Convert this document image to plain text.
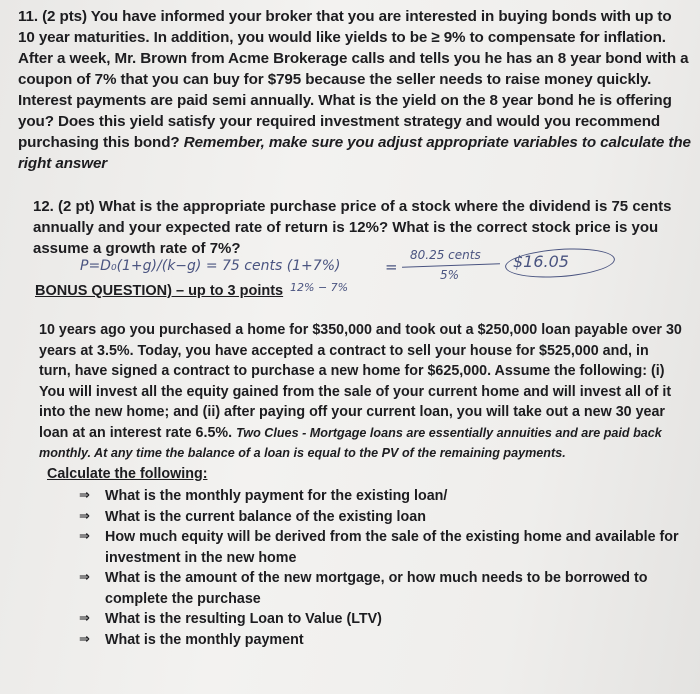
11. (2 pts) You have informed your broker that you are interested in buying bonds with up to
10 year maturities. In addition, you would like yields to be ≥ 9% to compensate for inflation.
After a week, Mr. Brown from Acme Brokerage calls and tells you he has an 8 year bond with a
coupon of 7% that you can buy for $795 because the seller needs to raise money quickly.
Interest payments are paid semi annually. What is the yield on the 8 year bond he is offering
you? Does this yield satisfy your required investment strategy and would you recommend
purchasing this bond? Remember, make sure you adjust appropriate variables to calculate the
right answer
12. (2 pt) What is the appropriate purchase price of a stock where the dividend is 75 cents
annually and your expected rate of return is 12%? What is the correct stock price is you
assume a growth rate of 7%?
P=D₀(1+g)/(k−g) = 75 cents (1+7%)	=
80.25 cents
5%
$16.05
12% − 7%
BONUS QUESTION) – up to 3 points
10 years ago you purchased a home for $350,000 and took out a $250,000 loan payable over 30
years at 3.5%. Today, you have accepted a contract to sell your house for $525,000 and, in
turn, have signed a contract to purchase a new home for $625,000. Assume the following: (i)
You will invest all the equity gained from the sale of your current home and will invest all of it
into the new home; and (ii) after paying off your current loan, you will take out a new 30 year
loan at an interest rate 6.5%. Two Clues - Mortgage loans are essentially annuities and are paid back
monthly. At any time the balance of a loan is equal to the PV of the remaining payments.
Calculate the following:
⇒	What is the monthly payment for the existing loan/
⇒	What is the current balance of the existing loan
⇒	How much equity will be derived from the sale of the existing home and available for
investment in the new home
⇒	What is the amount of the new mortgage, or how much needs to be borrowed to
complete the purchase
⇒	What is the resulting Loan to Value (LTV)
⇒	What is the monthly payment
